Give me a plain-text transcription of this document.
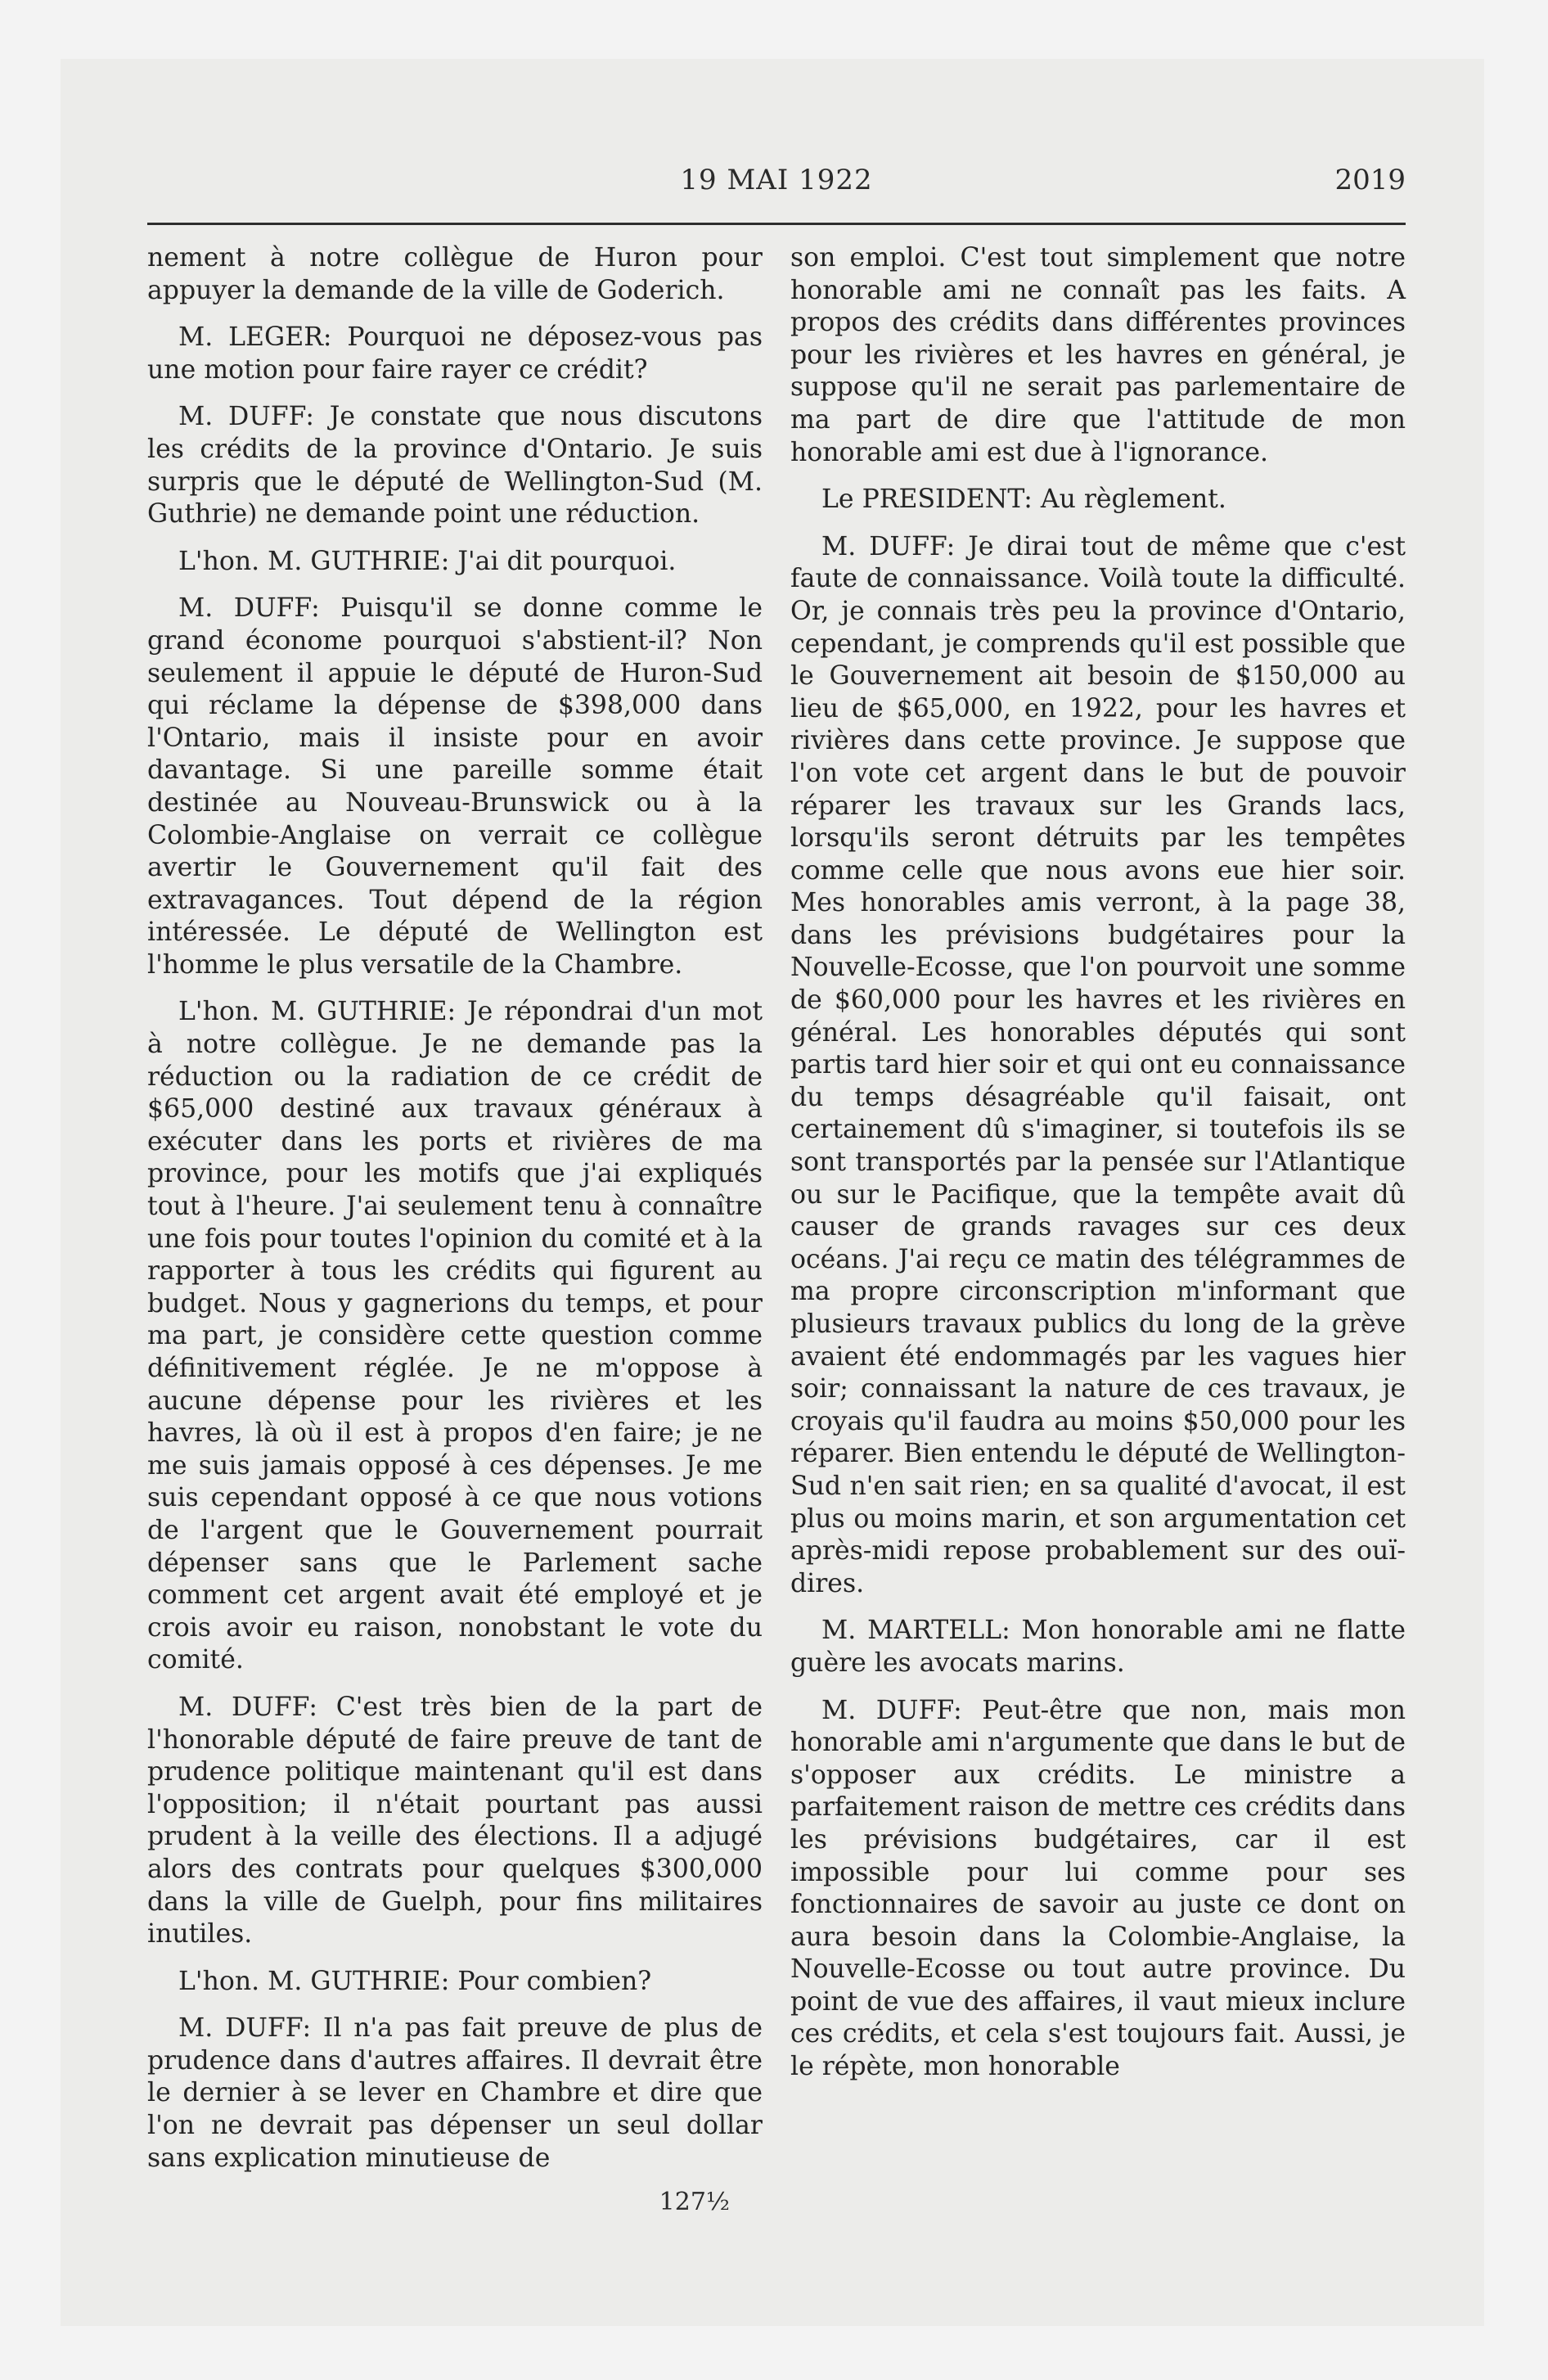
19 MAI 1922	2019

nement à notre collègue de Huron pour appuyer la demande de la ville de Goderich.

M. LEGER: Pourquoi ne déposez-vous pas une motion pour faire rayer ce crédit?

M. DUFF: Je constate que nous discutons les crédits de la province d'Ontario. Je suis surpris que le député de Wellington-Sud (M. Guthrie) ne demande point une réduction.

L'hon. M. GUTHRIE: J'ai dit pourquoi.

M. DUFF: Puisqu'il se donne comme le grand économe pourquoi s'abstient-il? Non seulement il appuie le député de Huron-Sud qui réclame la dépense de $398,000 dans l'Ontario, mais il insiste pour en avoir davantage. Si une pareille somme était destinée au Nouveau-Brunswick ou à la Colombie-Anglaise on verrait ce collègue avertir le Gouvernement qu'il fait des extravagances. Tout dépend de la région intéressée. Le député de Wellington est l'homme le plus versatile de la Chambre.

L'hon. M. GUTHRIE: Je répondrai d'un mot à notre collègue. Je ne demande pas la réduction ou la radiation de ce crédit de $65,000 destiné aux travaux généraux à exécuter dans les ports et rivières de ma province, pour les motifs que j'ai expliqués tout à l'heure. J'ai seulement tenu à connaître une fois pour toutes l'opinion du comité et à la rapporter à tous les crédits qui figurent au budget. Nous y gagnerions du temps, et pour ma part, je considère cette question comme définitivement réglée. Je ne m'oppose à aucune dépense pour les rivières et les havres, là où il est à propos d'en faire; je ne me suis jamais opposé à ces dépenses. Je me suis cependant opposé à ce que nous votions de l'argent que le Gouvernement pourrait dépenser sans que le Parlement sache comment cet argent avait été employé et je crois avoir eu raison, nonobstant le vote du comité.

M. DUFF: C'est très bien de la part de l'honorable député de faire preuve de tant de prudence politique maintenant qu'il est dans l'opposition; il n'était pourtant pas aussi prudent à la veille des élections. Il a adjugé alors des contrats pour quelques $300,000 dans la ville de Guelph, pour fins militaires inutiles.

L'hon. M. GUTHRIE: Pour combien?

M. DUFF: Il n'a pas fait preuve de plus de prudence dans d'autres affaires. Il devrait être le dernier à se lever en Chambre et dire que l'on ne devrait pas dépenser un seul dollar sans explication minutieuse de

son emploi. C'est tout simplement que notre honorable ami ne connaît pas les faits. A propos des crédits dans différentes provinces pour les rivières et les havres en général, je suppose qu'il ne serait pas parlementaire de ma part de dire que l'attitude de mon honorable ami est due à l'ignorance.

Le PRESIDENT: Au règlement.

M. DUFF: Je dirai tout de même que c'est faute de connaissance. Voilà toute la difficulté. Or, je connais très peu la province d'Ontario, cependant, je comprends qu'il est possible que le Gouvernement ait besoin de $150,000 au lieu de $65,000, en 1922, pour les havres et rivières dans cette province. Je suppose que l'on vote cet argent dans le but de pouvoir réparer les travaux sur les Grands lacs, lorsqu'ils seront détruits par les tempêtes comme celle que nous avons eue hier soir. Mes honorables amis verront, à la page 38, dans les prévisions budgétaires pour la Nouvelle-Ecosse, que l'on pourvoit une somme de $60,000 pour les havres et les rivières en général. Les honorables députés qui sont partis tard hier soir et qui ont eu connaissance du temps désagréable qu'il faisait, ont certainement dû s'imaginer, si toutefois ils se sont transportés par la pensée sur l'Atlantique ou sur le Pacifique, que la tempête avait dû causer de grands ravages sur ces deux océans. J'ai reçu ce matin des télégrammes de ma propre circonscription m'informant que plusieurs travaux publics du long de la grève avaient été endommagés par les vagues hier soir; connaissant la nature de ces travaux, je croyais qu'il faudra au moins $50,000 pour les réparer. Bien entendu le député de Wellington-Sud n'en sait rien; en sa qualité d'avocat, il est plus ou moins marin, et son argumentation cet après-midi repose probablement sur des ouï-dires.

M. MARTELL: Mon honorable ami ne flatte guère les avocats marins.

M. DUFF: Peut-être que non, mais mon honorable ami n'argumente que dans le but de s'opposer aux crédits. Le ministre a parfaitement raison de mettre ces crédits dans les prévisions budgétaires, car il est impossible pour lui comme pour ses fonctionnaires de savoir au juste ce dont on aura besoin dans la Colombie-Anglaise, la Nouvelle-Ecosse ou tout autre province. Du point de vue des affaires, il vaut mieux inclure ces crédits, et cela s'est toujours fait. Aussi, je le répète, mon honorable

127½
